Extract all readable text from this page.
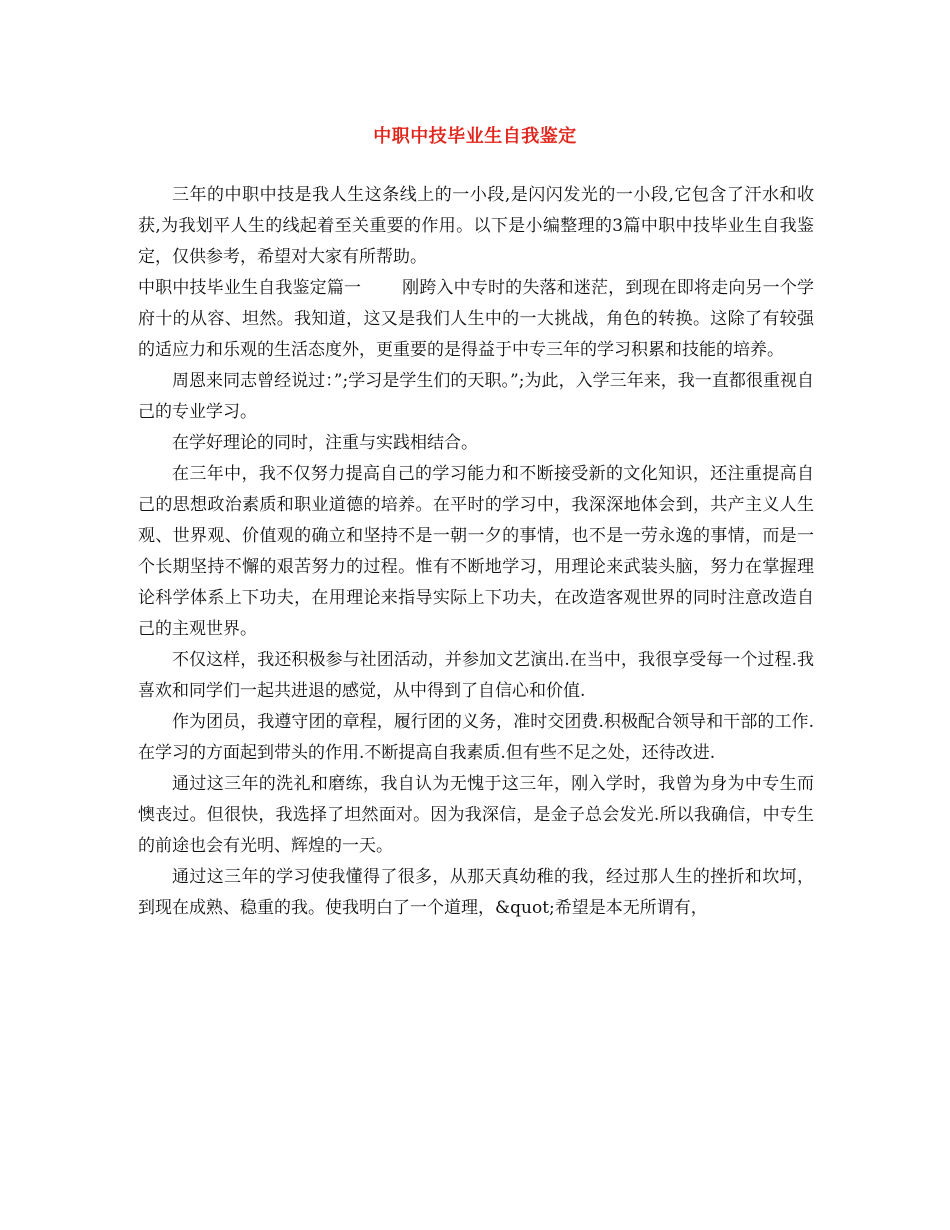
中职中技毕业生自我鉴定

三年的中职中技是我人生这条线上的一小段,是闪闪发光的一小段,它包含了汗水和收获,为我划平人生的线起着至关重要的作用。以下是小编整理的3篇中职中技毕业生自我鉴定，仅供参考，希望对大家有所帮助。

中职中技毕业生自我鉴定篇一 刚跨入中专时的失落和迷茫，到现在即将走向另一个学府十的从容、坦然。我知道，这又是我们人生中的一大挑战，角色的转换。这除了有较强的适应力和乐观的生活态度外，更重要的是得益于中专三年的学习积累和技能的培养。

周恩来同志曾经说过：”;学习是学生们的天职。”;为此，入学三年来，我一直都很重视自己的专业学习。

在学好理论的同时，注重与实践相结合。

在三年中，我不仅努力提高自己的学习能力和不断接受新的文化知识，还注重提高自己的思想政治素质和职业道德的培养。在平时的学习中，我深深地体会到，共产主义人生观、世界观、价值观的确立和坚持不是一朝一夕的事情，也不是一劳永逸的事情，而是一个长期坚持不懈的艰苦努力的过程。惟有不断地学习，用理论来武装头脑，努力在掌握理论科学体系上下功夫，在用理论来指导实际上下功夫，在改造客观世界的同时注意改造自己的主观世界。

不仅这样，我还积极参与社团活动，并参加文艺演出.在当中，我很享受每一个过程.我喜欢和同学们一起共进退的感觉，从中得到了自信心和价值.

作为团员，我遵守团的章程，履行团的义务，准时交团费.积极配合领导和干部的工作.在学习的方面起到带头的作用.不断提高自我素质.但有些不足之处，还待改进.

通过这三年的洗礼和磨练，我自认为无愧于这三年，刚入学时，我曾为身为中专生而懊丧过。但很快，我选择了坦然面对。因为我深信，是金子总会发光.所以我确信，中专生的前途也会有光明、辉煌的一天。

通过这三年的学习使我懂得了很多，从那天真幼稚的我，经过那人生的挫折和坎坷，到现在成熟、稳重的我。使我明白了一个道理，&quot;希望是本无所谓有，
